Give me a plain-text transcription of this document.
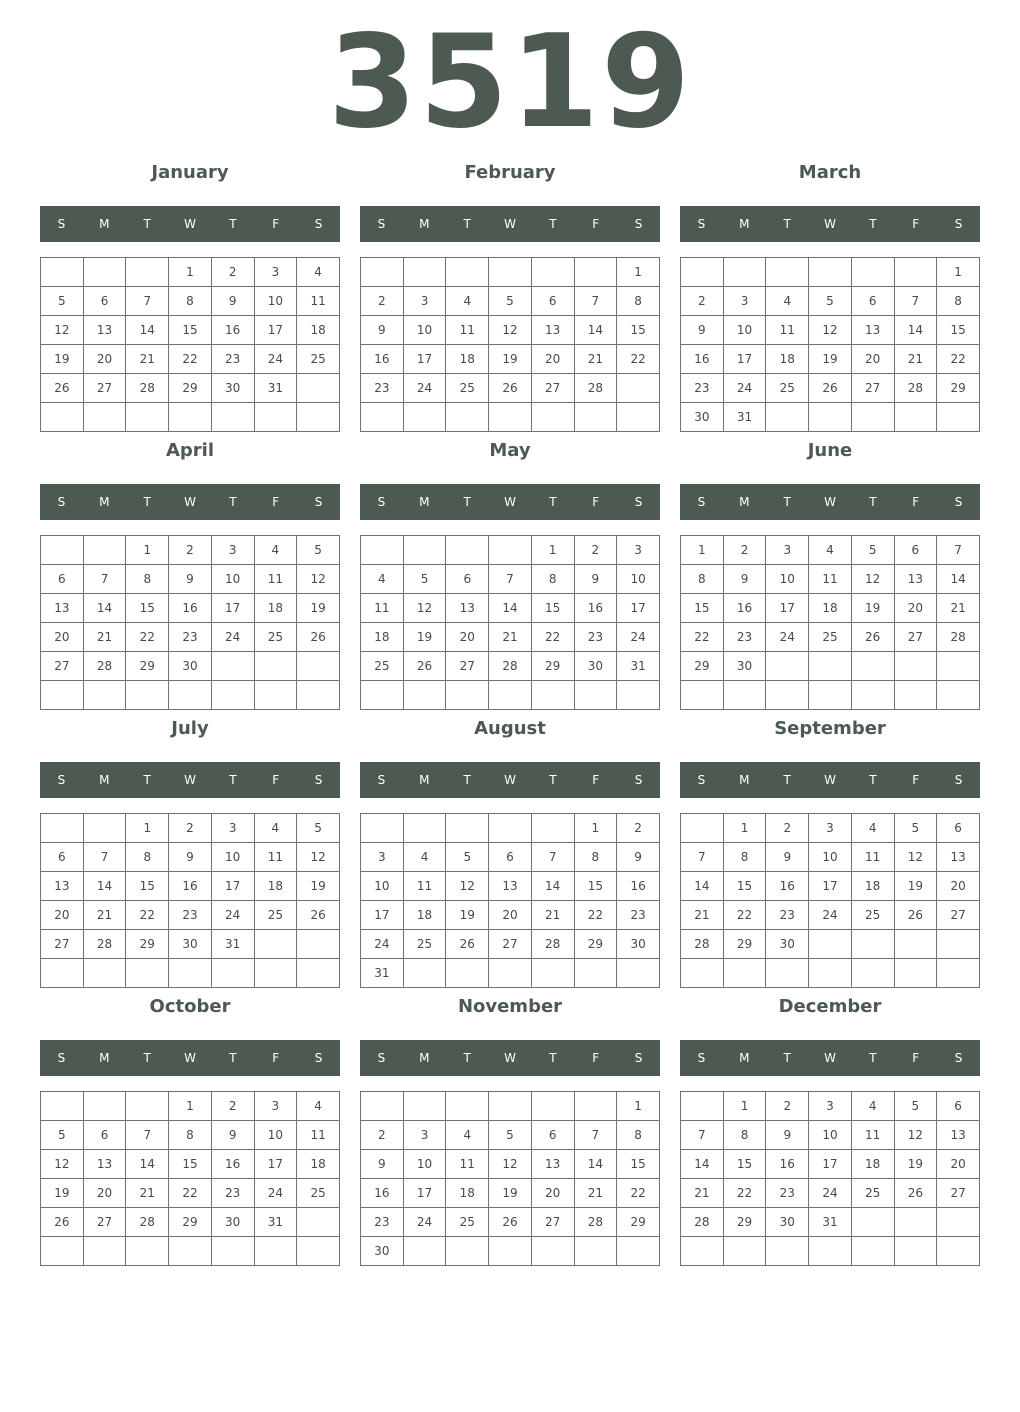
3519
January
S	M	T	W	T	F	S
			1	2	3	4
5	6	7	8	9	10	11
12	13	14	15	16	17	18
19	20	21	22	23	24	25
26	27	28	29	30	31	

February
S	M	T	W	T	F	S
						1
2	3	4	5	6	7	8
9	10	11	12	13	14	15
16	17	18	19	20	21	22
23	24	25	26	27	28	

March
S	M	T	W	T	F	S
						1
2	3	4	5	6	7	8
9	10	11	12	13	14	15
16	17	18	19	20	21	22
23	24	25	26	27	28	29
30	31					
April
S	M	T	W	T	F	S
		1	2	3	4	5
6	7	8	9	10	11	12
13	14	15	16	17	18	19
20	21	22	23	24	25	26
27	28	29	30			

May
S	M	T	W	T	F	S
				1	2	3
4	5	6	7	8	9	10
11	12	13	14	15	16	17
18	19	20	21	22	23	24
25	26	27	28	29	30	31

June
S	M	T	W	T	F	S
1	2	3	4	5	6	7
8	9	10	11	12	13	14
15	16	17	18	19	20	21
22	23	24	25	26	27	28
29	30					

July
S	M	T	W	T	F	S
		1	2	3	4	5
6	7	8	9	10	11	12
13	14	15	16	17	18	19
20	21	22	23	24	25	26
27	28	29	30	31		

August
S	M	T	W	T	F	S
					1	2
3	4	5	6	7	8	9
10	11	12	13	14	15	16
17	18	19	20	21	22	23
24	25	26	27	28	29	30
31						
September
S	M	T	W	T	F	S
	1	2	3	4	5	6
7	8	9	10	11	12	13
14	15	16	17	18	19	20
21	22	23	24	25	26	27
28	29	30				

October
S	M	T	W	T	F	S
			1	2	3	4
5	6	7	8	9	10	11
12	13	14	15	16	17	18
19	20	21	22	23	24	25
26	27	28	29	30	31	

November
S	M	T	W	T	F	S
						1
2	3	4	5	6	7	8
9	10	11	12	13	14	15
16	17	18	19	20	21	22
23	24	25	26	27	28	29
30						
December
S	M	T	W	T	F	S
	1	2	3	4	5	6
7	8	9	10	11	12	13
14	15	16	17	18	19	20
21	22	23	24	25	26	27
28	29	30	31			
